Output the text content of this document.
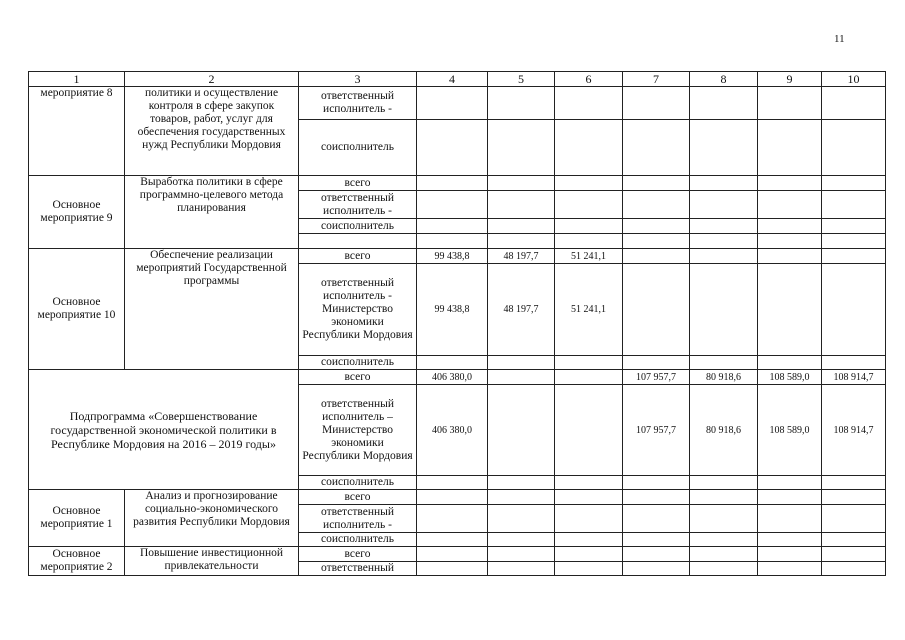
11
1	2	3	4	5	6	7	8	9	10
мероприятие 8	политики и осуществление контроля в сфере закупок товаров, работ, услуг для обеспечения государственных нужд Республики Мордовия	ответственный исполнитель -							
		соисполнитель							
Основное мероприятие 9	Выработка политики в сфере программно-целевого метода планирования	всего							
		ответственный исполнитель -							
		соисполнитель							

Основное мероприятие 10	Обеспечение реализации мероприятий Государственной программы	всего	99 438,8	48 197,7	51 241,1				
		ответственный исполнитель - Министерство экономики Республики Мордовия	99 438,8	48 197,7	51 241,1				
		соисполнитель							
Подпрограмма «Совершенствование государственной экономической политики в Республике Мордовия на 2016 – 2019 годы»		всего	406 380,0			107 957,7	80 918,6	108 589,0	108 914,7
		ответственный исполнитель – Министерство экономики Республики Мордовия	406 380,0			107 957,7	80 918,6	108 589,0	108 914,7
		соисполнитель							
Основное мероприятие 1	Анализ и прогнозирование социально-экономического развития Республики Мордовия	всего							
		ответственный исполнитель -							
		соисполнитель							
Основное мероприятие 2	Повышение инвестиционной привлекательности	всего							
		ответственный							
